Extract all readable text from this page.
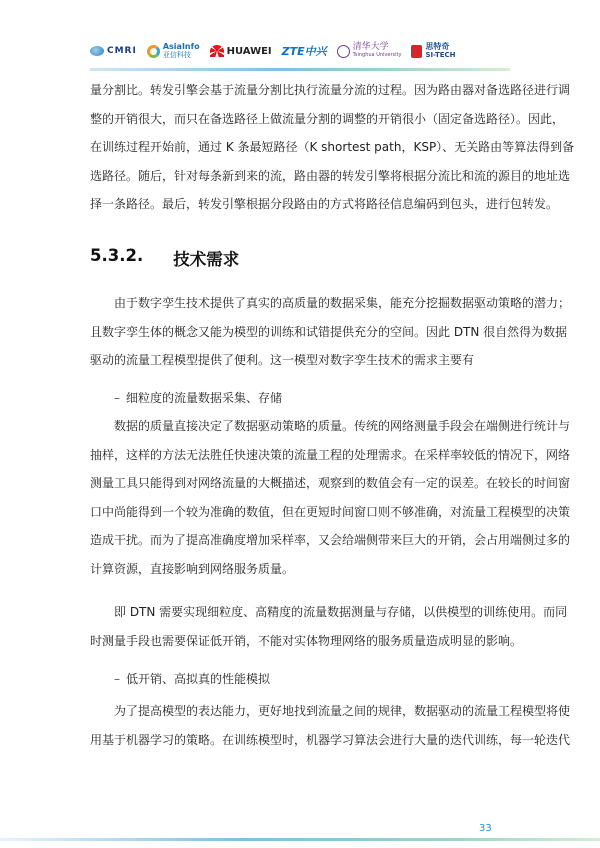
CMRI	AsiaInfo
亚信科技	HUAWEI ZTE中兴	清华大学
Tsinghua University
思特奇
SI-TECH
量分割比。转发引擎会基于流量分割比执行流量分流的过程。因为路由器对备选路径进行调
整的开销很大，而只在备选路径上做流量分割的调整的开销很小（固定备选路径）。因此，
在训练过程开始前，通过 K 条最短路径（K shortest path，KSP）、无关路由等算法得到备
选路径。随后，针对每条新到来的流，路由器的转发引擎将根据分流比和流的源目的地址选
择一条路径。最后，转发引擎根据分段路由的方式将路径信息编码到包头，进行包转发。
5.3.2. 技术需求
由于数字孪生技术提供了真实的高质量的数据采集，能充分挖掘数据驱动策略的潜力；
且数字孪生体的概念又能为模型的训练和试错提供充分的空间。因此 DTN 很自然得为数据
驱动的流量工程模型提供了便利。这一模型对数字孪生技术的需求主要有
– 细粒度的流量数据采集、存储
数据的质量直接决定了数据驱动策略的质量。传统的网络测量手段会在端侧进行统计与
抽样，这样的方法无法胜任快速决策的流量工程的处理需求。在采样率较低的情况下，网络
测量工具只能得到对网络流量的大概描述，观察到的数值会有一定的误差。在较长的时间窗
口中尚能得到一个较为准确的数值，但在更短时间窗口则不够准确，对流量工程模型的决策
造成干扰。而为了提高准确度增加采样率，又会给端侧带来巨大的开销，会占用端侧过多的
计算资源，直接影响到网络服务质量。
即 DTN 需要实现细粒度、高精度的流量数据测量与存储，以供模型的训练使用。而同
时测量手段也需要保证低开销，不能对实体物理网络的服务质量造成明显的影响。
– 低开销、高拟真的性能模拟
为了提高模型的表达能力，更好地找到流量之间的规律，数据驱动的流量工程模型将使
用基于机器学习的策略。在训练模型时，机器学习算法会进行大量的迭代训练，每一轮迭代
33
